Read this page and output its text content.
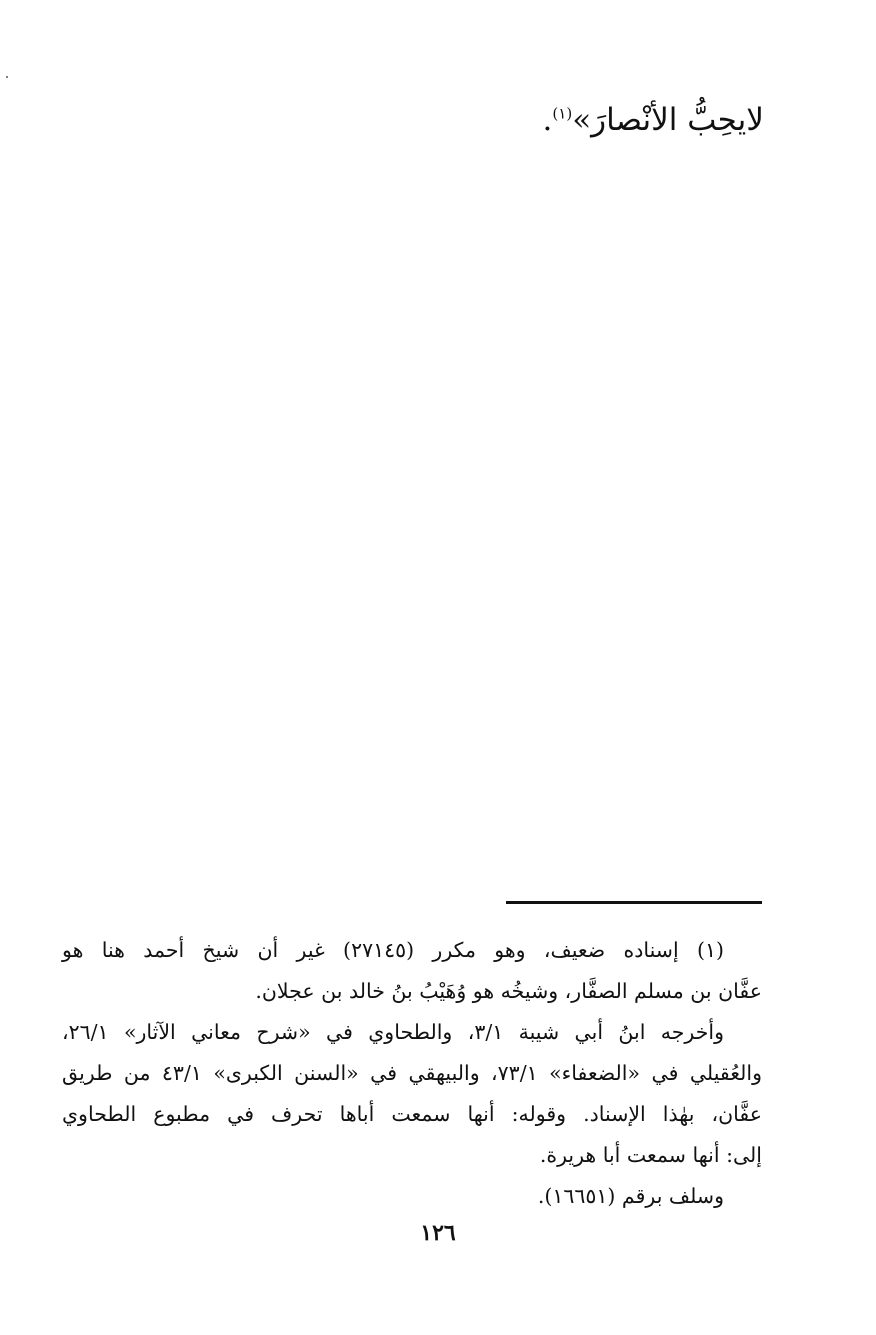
لايحِبُّ الأنْصارَ»$^{(١)}$.
(١) إسناده ضعيف، وهو مكرر (٢٧١٤٥) غير أن شيخ أحمد هنا هو
عفَّان بن مسلم الصفَّار، وشيخُه هو وُهَيْبُ بنُ خالد بن عجلان.
وأخرجه ابنُ أبي شيبة ٣/١، والطحاوي في «شرح معاني الآثار» ٢٦/١،
والعُقيلي في «الضعفاء» ٧٣/١، والبيهقي في «السنن الكبرى» ٤٣/١ من طريق
عفَّان، بهٰذا الإسناد. وقوله: أنها سمعت أباها تحرف في مطبوع الطحاوي
إلى: أنها سمعت أبا هريرة.
وسلف برقم (١٦٦٥١).
١٢٦
